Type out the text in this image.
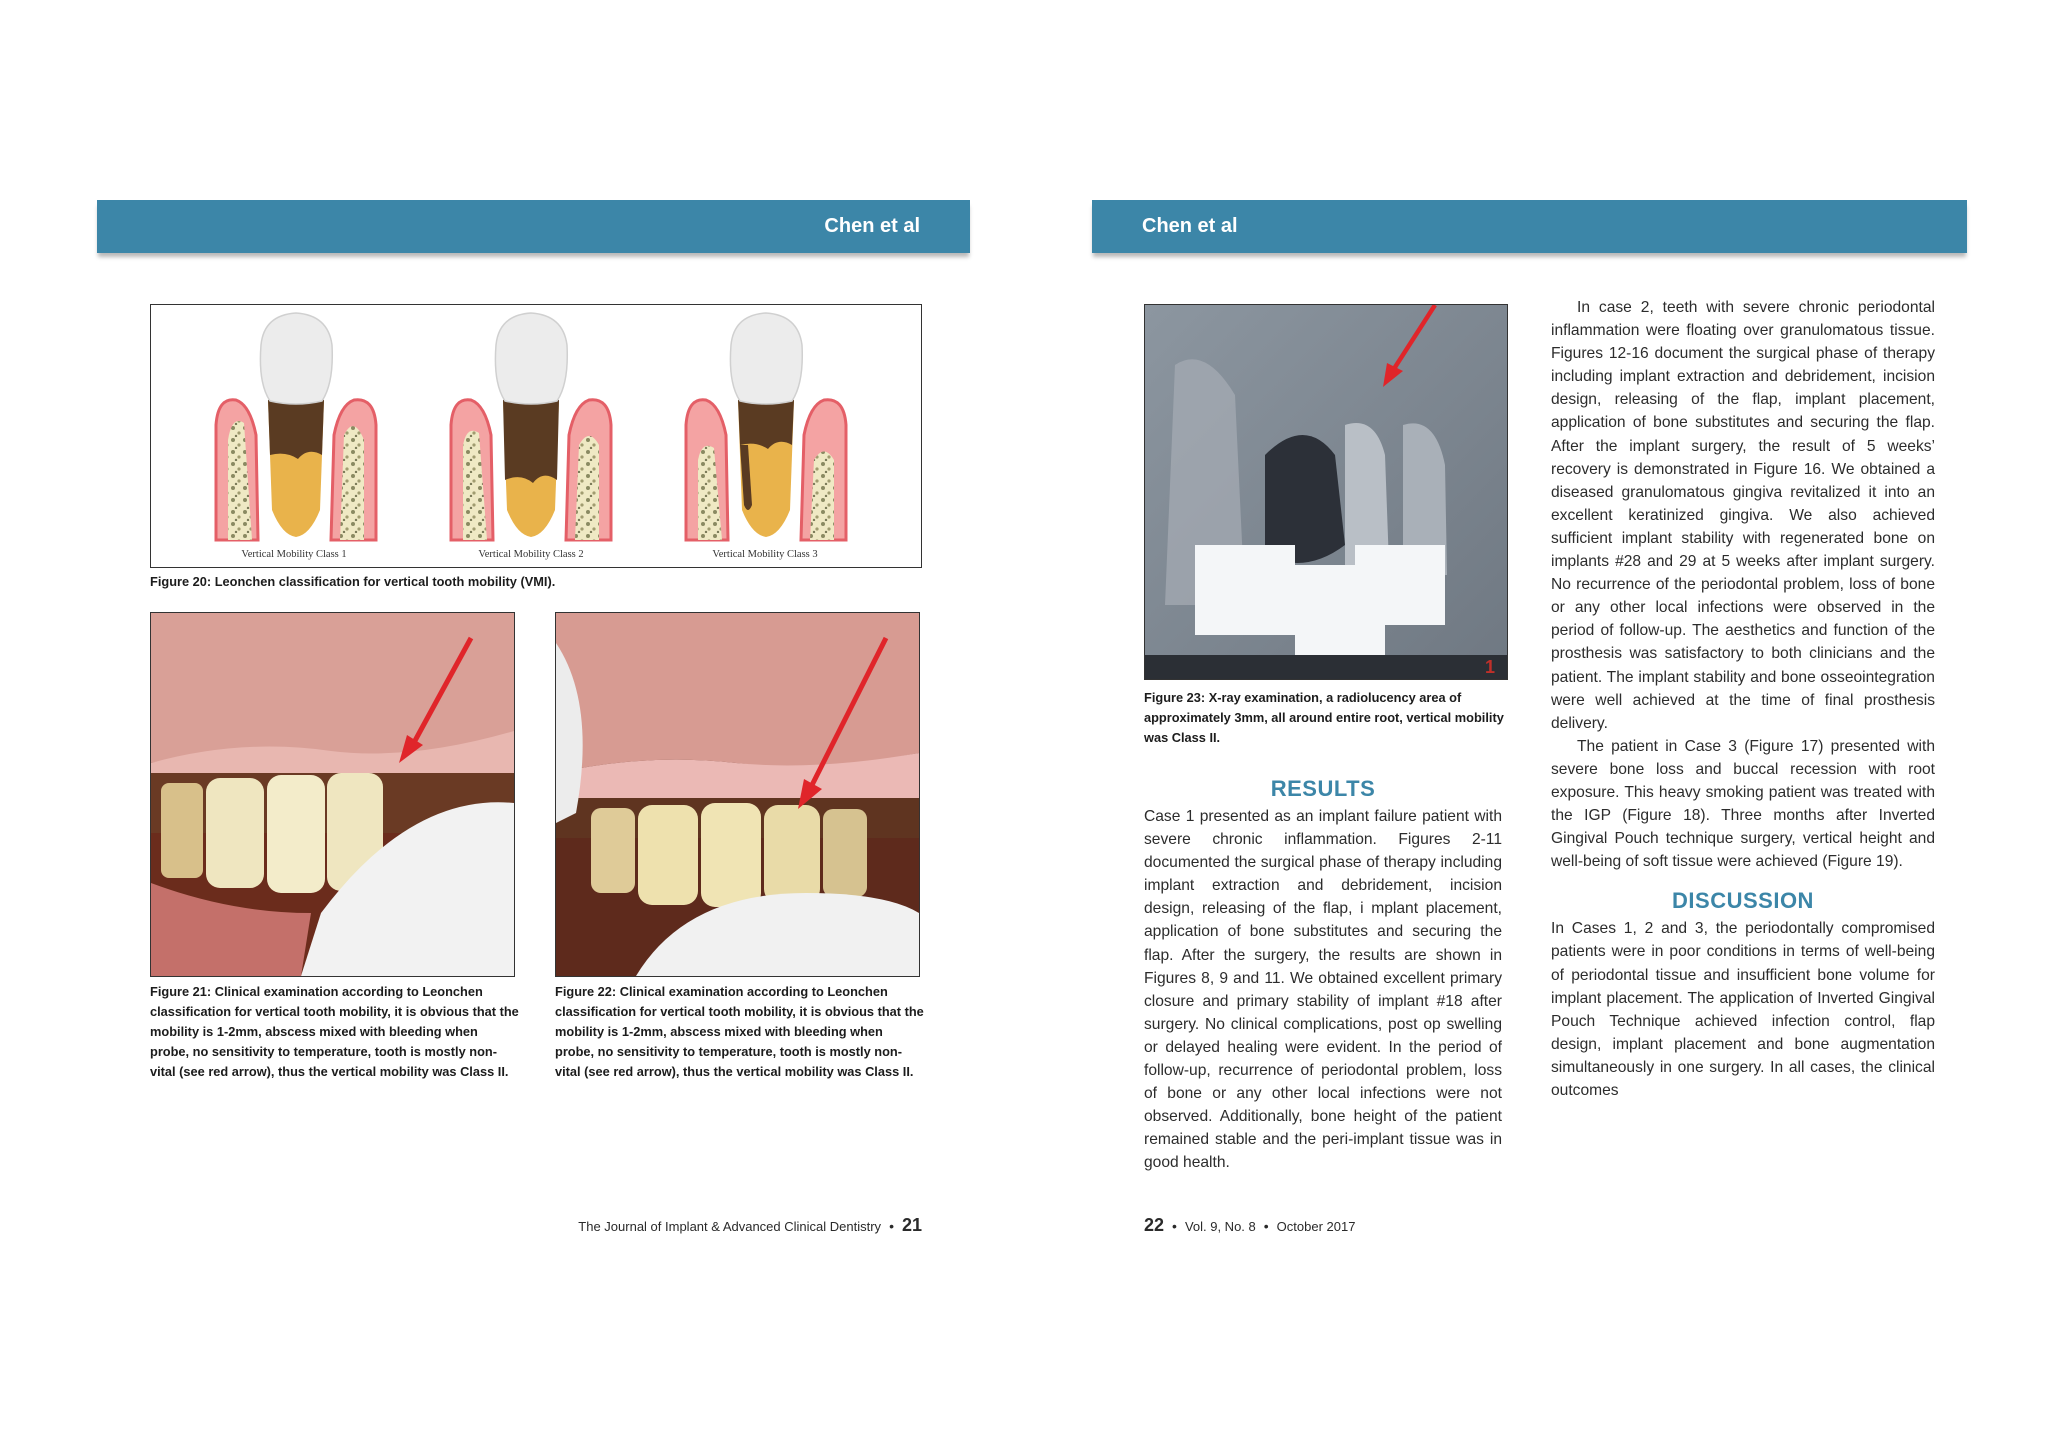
Chen et al
Vertical Mobility Class 1	Vertical Mobility Class 2	Vertical Mobility Class 3
Figure 20: Leonchen classification for vertical tooth mobility (VMI).
Figure 21: Clinical examination according to Leonchen classification for vertical tooth mobility, it is obvious that the mobility is 1-2mm, abscess mixed with bleeding when probe, no sensitivity to temperature, tooth is mostly non-vital (see red arrow), thus the vertical mobility was Class II.
Figure 22: Clinical examination according to Leonchen classification for vertical tooth mobility, it is obvious that the mobility is 1-2mm, abscess mixed with bleeding when probe, no sensitivity to temperature, tooth is mostly non-vital (see red arrow), thus the vertical mobility was Class II.
The Journal of Implant & Advanced Clinical Dentistry • 21
Chen et al
1
Figure 23: X-ray examination, a radiolucency area of approximately 3mm, all around entire root, vertical mobility was Class II.
RESULTS

Case 1 presented as an implant failure patient with severe chronic inflammation. Figures 2-11 documented the surgical phase of therapy including implant extraction and debridement, incision design, releasing of the flap, i mplant placement, application of bone substitutes and securing the flap. After the surgery, the results are shown in Figures 8, 9 and 11. We obtained excellent primary closure and primary stability of implant #18 after surgery. No clinical complications, post op swelling or delayed healing were evident. In the period of follow-up, recurrence of periodontal problem, loss of bone or any other local infections were not observed. Additionally, bone height of the patient remained stable and the peri-implant tissue was in good health.

In case 2, teeth with severe chronic periodontal inflammation were floating over granulomatous tissue. Figures 12-16 document the surgical phase of therapy including implant extraction and debridement, incision design, releasing of the flap, implant placement, application of bone substitutes and securing the flap. After the implant surgery, the result of 5 weeks’ recovery is demonstrated in Figure 16. We obtained a diseased granulomatous gingiva revitalized it into an excellent keratinized gingiva. We also achieved sufficient implant stability with regenerated bone on implants #28 and 29 at 5 weeks after implant surgery. No recurrence of the periodontal problem, loss of bone or any other local infections were observed in the period of follow-up. The aesthetics and function of the prosthesis was satisfactory to both clinicians and the patient. The implant stability and bone osseointegration were well achieved at the time of final prosthesis delivery.

The patient in Case 3 (Figure 17) presented with severe bone loss and buccal recession with root exposure. This heavy smoking patient was treated with the IGP (Figure 18). Three months after Inverted Gingival Pouch technique surgery, vertical height and well-being of soft tissue were achieved (Figure 19).

DISCUSSION

In Cases 1, 2 and 3, the periodontally compromised patients were in poor conditions in terms of well-being of periodontal tissue and insufficient bone volume for implant placement. The application of Inverted Gingival Pouch Technique achieved infection control, flap design, implant placement and bone augmentation simultaneously in one surgery. In all cases, the clinical outcomes

22 • Vol. 9, No. 8 • October 2017
